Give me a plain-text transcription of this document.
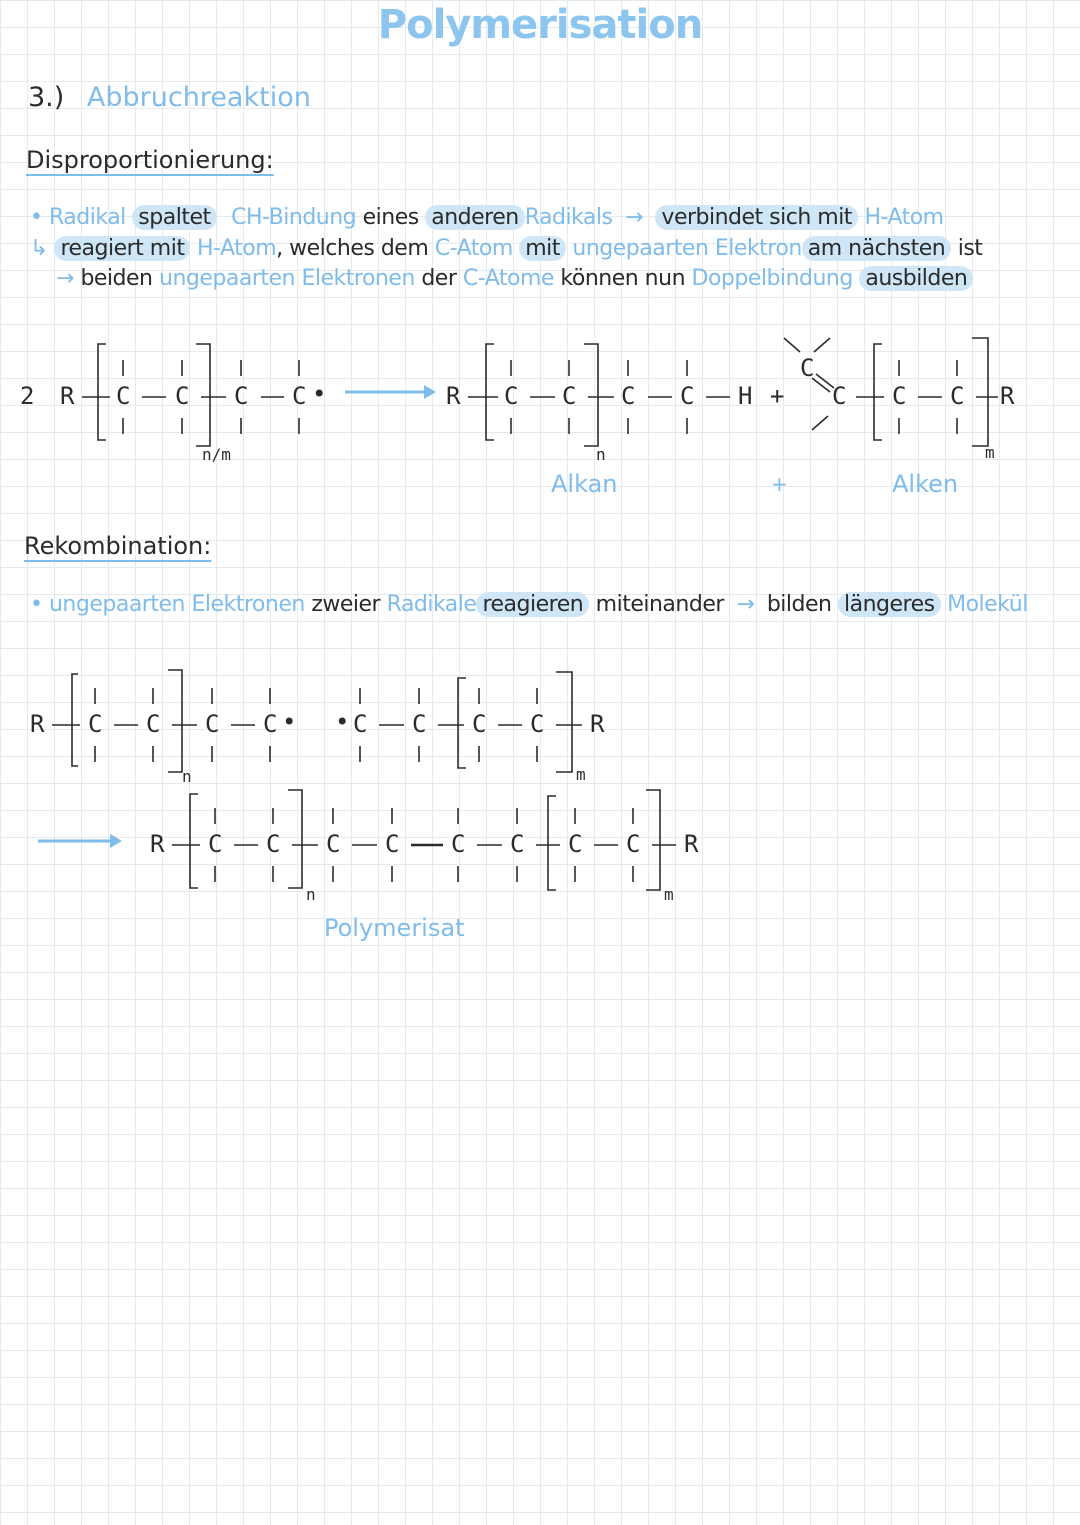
Polymerisation
3.) Abbruchreaktion
Disproportionierung:
• Radikal spaltet CH-Bindung eines anderen Radikals → verbindet sich mit H-Atom
↳ reagiert mit H-Atom, welches dem C-Atom mit ungepaarten Elektron am nächsten ist
→ beiden ungepaarten Elektronen der C-Atome können nun Doppelbindung ausbilden
2 R C C C C •
n/m
R C C C C H +
n
C
C C C R
m
Alkan	+	Alken
Rekombination:
• ungepaarten Elektronen zweier Radikale reagieren miteinander → bilden längeres Molekül
R C C C C •
n
• C C C C R
m
R C C C C C C C C R
n	m
Polymerisat
